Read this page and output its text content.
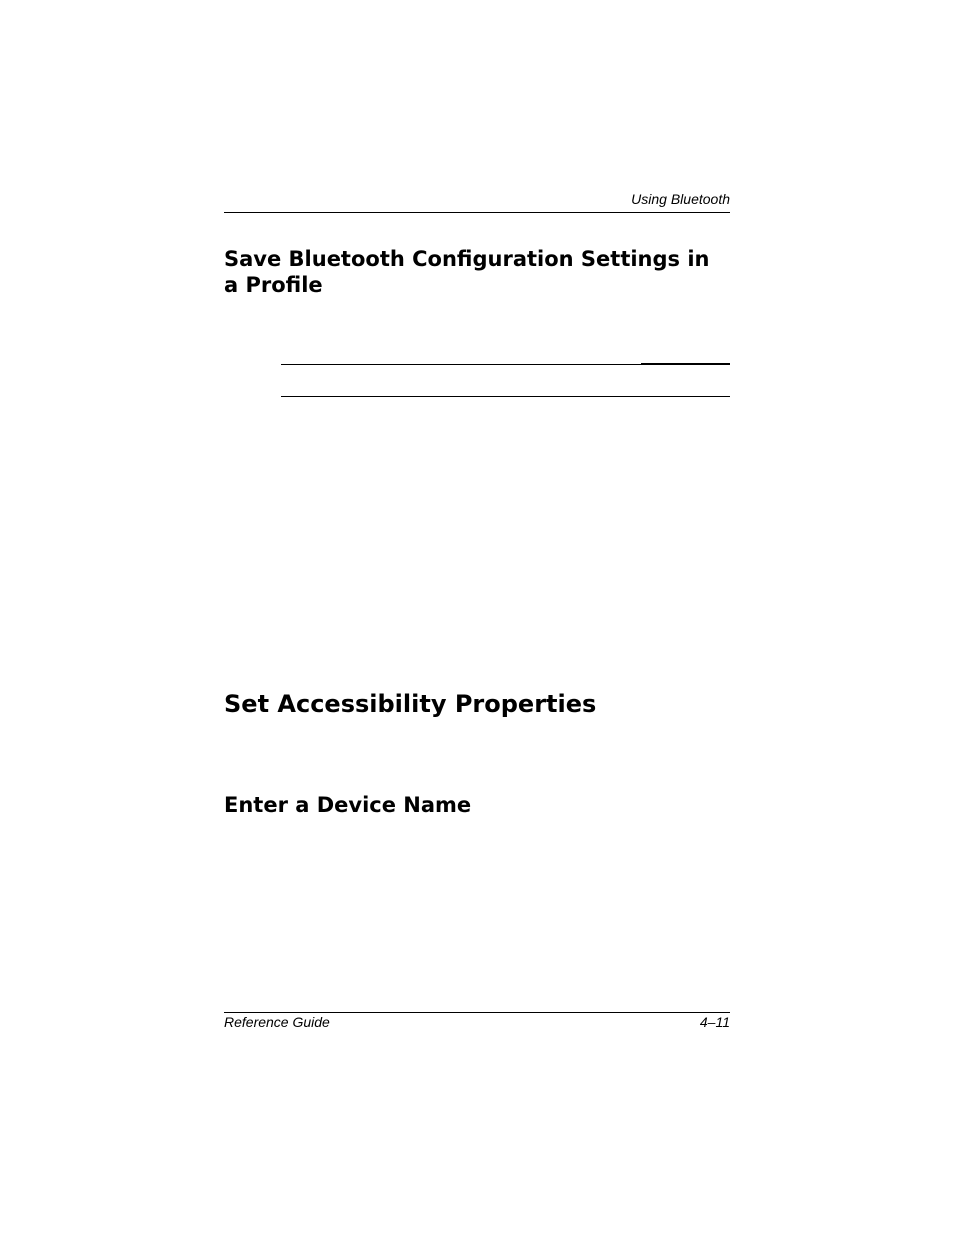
Using Bluetooth
Save Bluetooth Configuration Settings in a Profile
Set Accessibility Properties
Enter a Device Name
Reference Guide	4–11
